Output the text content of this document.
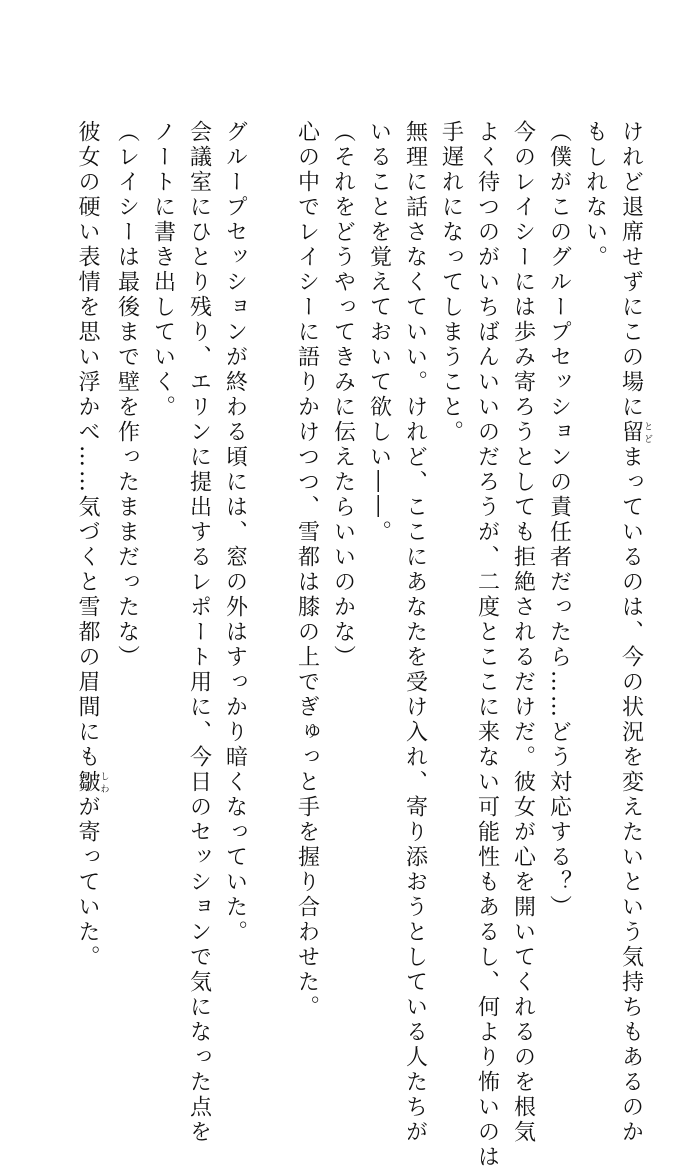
けれど退席せずにこの場に留とどまっているのは、今の状況を変えたいという気持ちもあるのか
もしれない。
（僕がこのグループセッションの責任者だったら……どう対応する？）
今のレイシーには歩み寄ろうとしても拒絶されるだけだ。彼女が心を開いてくれるのを根気
よく待つのがいちばんいいのだろうが、二度とここに来ない可能性もあるし、何より怖いのは
手遅れになってしまうこと。
無理に話さなくていい。けれど、ここにあなたを受け入れ、寄り添おうとしている人たちが
いることを覚えておいて欲しい――。
（それをどうやってきみに伝えたらいいのかな）
心の中でレイシーに語りかけつつ、雪都は膝の上でぎゅっと手を握り合わせた。
グループセッションが終わる頃には、窓の外はすっかり暗くなっていた。
会議室にひとり残り、エリンに提出するレポート用に、今日のセッションで気になった点を
ノートに書き出していく。
（レイシーは最後まで壁を作ったままだったな）
彼女の硬い表情を思い浮かべ……気づくと雪都の眉間にも皺しわが寄っていた。
